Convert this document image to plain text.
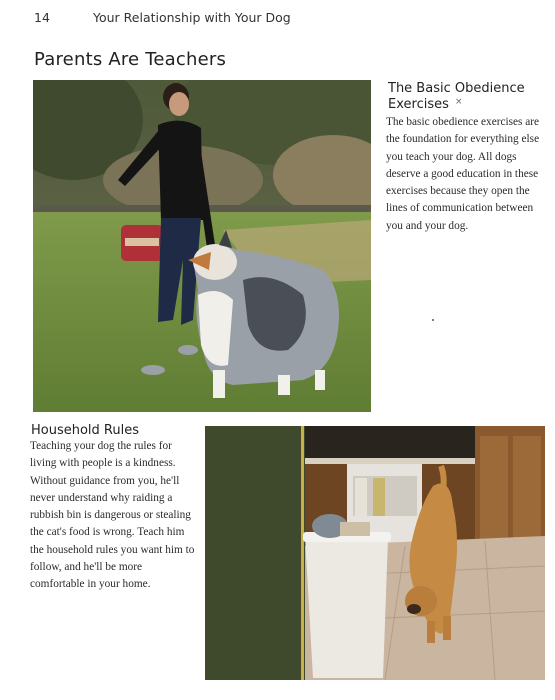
14	Your Relationship with Your Dog
Parents Are Teachers
The Basic Obedience Exercises ×
The basic obedience exercises are the foundation for everything else you teach your dog. All dogs deserve a good education in these exercises because they open the lines of communication between you and your dog.
Household Rules
Teaching your dog the rules for living with people is a kindness. Without guidance from you, he'll never understand why raiding a rubbish bin is dangerous or stealing the cat's food is wrong. Teach him the household rules you want him to follow, and he'll be more comfortable in your home.
